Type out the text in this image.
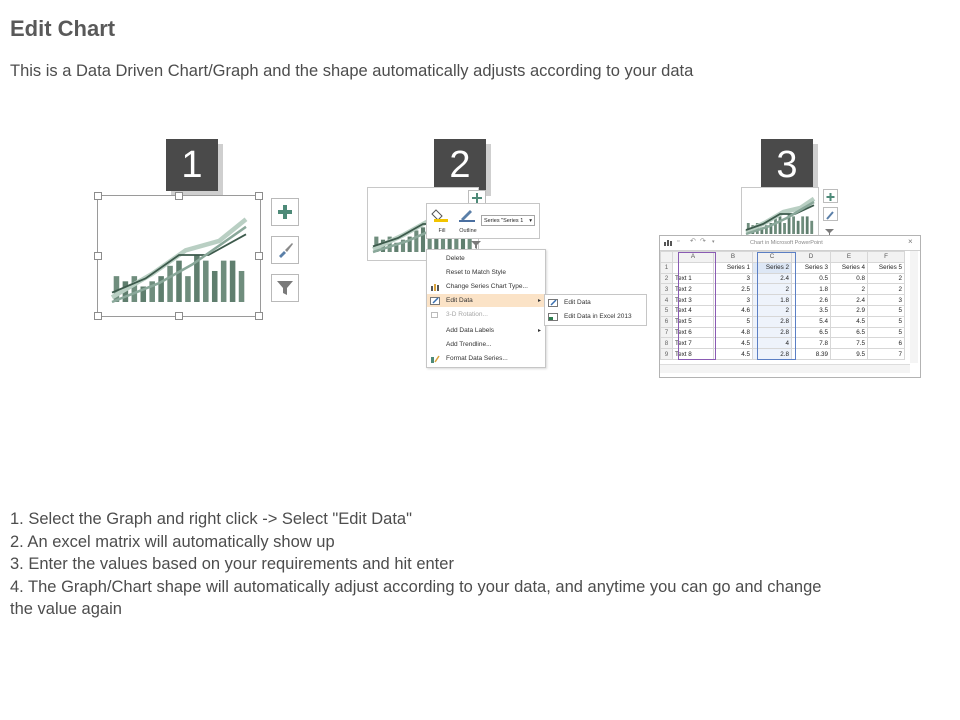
Edit Chart
This is a Data Driven Chart/Graph and the shape automatically adjusts according to your data
1	2
Fill	Outline
Series "Series 1 ▾
Delete
Reset to Match Style
Change Series Chart Type...
Edit Data	▸
3-D Rotation...
Add Data Labels	▸
Add Trendline...
Format Data Series...
Edit Data
Edit Data in Excel 2013
3
▫ ↶ ↷ ▾	Chart in Microsoft PowerPoint	×
	A	B	C	D	E	F
1		Series 1	Series 2	Series 3	Series 4	Series 5
2	Text 1	3	2.4	0.5	0.8	2
3	Text 2	2.5	2	1.8	2	2
4	Text 3	3	1.8	2.6	2.4	3
5	Text 4	4.6	2	3.5	2.9	5
6	Text 5	5	2.8	5.4	4.5	5
7	Text 6	4.8	2.8	6.5	6.5	5
8	Text 7	4.5	4	7.8	7.5	6
9	Text 8	4.5	2.8	8.39	9.5	7
1. Select the Graph and right click -> Select "Edit Data"
2. An excel matrix will automatically show up
3. Enter the values based on your requirements and hit enter
4. The Graph/Chart shape will automatically adjust according to your data, and anytime you can go and change
the value again
